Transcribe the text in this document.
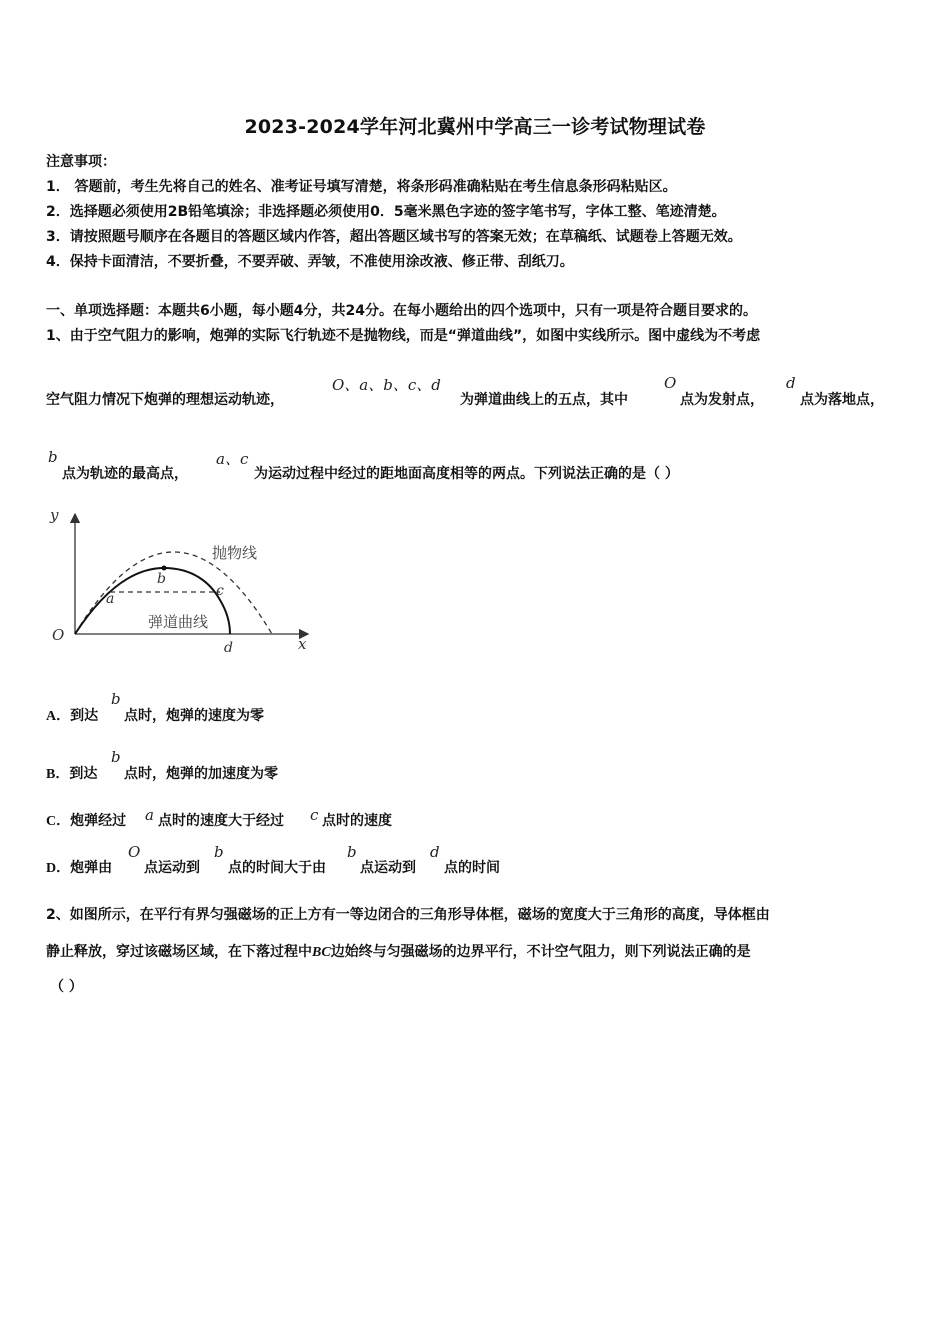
2023-2024学年河北冀州中学高三一诊考试物理试卷
注意事项：
1． 答题前，考生先将自己的姓名、准考证号填写清楚，将条形码准确粘贴在考生信息条形码粘贴区。
2．选择题必须使用2B铅笔填涂；非选择题必须使用0．5毫米黑色字迹的签字笔书写，字体工整、笔迹清楚。
3．请按照题号顺序在各题目的答题区域内作答，超出答题区域书写的答案无效；在草稿纸、试题卷上答题无效。
4．保持卡面清洁，不要折叠，不要弄破、弄皱，不准使用涂改液、修正带、刮纸刀。
一、单项选择题：本题共6小题，每小题4分，共24分。在每小题给出的四个选项中，只有一项是符合题目要求的。
1、由于空气阻力的影响，炮弹的实际飞行轨迹不是抛物线，而是“弹道曲线”，如图中实线所示。图中虚线为不考虑
空气阻力情况下炮弹的理想运动轨迹，
O、a、b、c、d
为弹道曲线上的五点，其中
O
点为发射点，
d
点为落地点，
b
点为轨迹的最高点，
a、c
为运动过程中经过的距地面高度相等的两点。下列说法正确的是（ ）
y
x
O
a
b
c
d
抛物线
弹道曲线
A．到达
b
点时，炮弹的速度为零
B．到达
b
点时，炮弹的加速度为零
C．炮弹经过 a 点时的速度大于经过 c 点时的速度
D．炮弹由
O
点运动到
b
点的时间大于由
b
点运动到
d
点的时间
2、如图所示，在平行有界匀强磁场的正上方有一等边闭合的三角形导体框，磁场的宽度大于三角形的高度，导体框由
静止释放，穿过该磁场区域，在下落过程中BC边始终与匀强磁场的边界平行，不计空气阻力，则下列说法正确的是
（ ）
